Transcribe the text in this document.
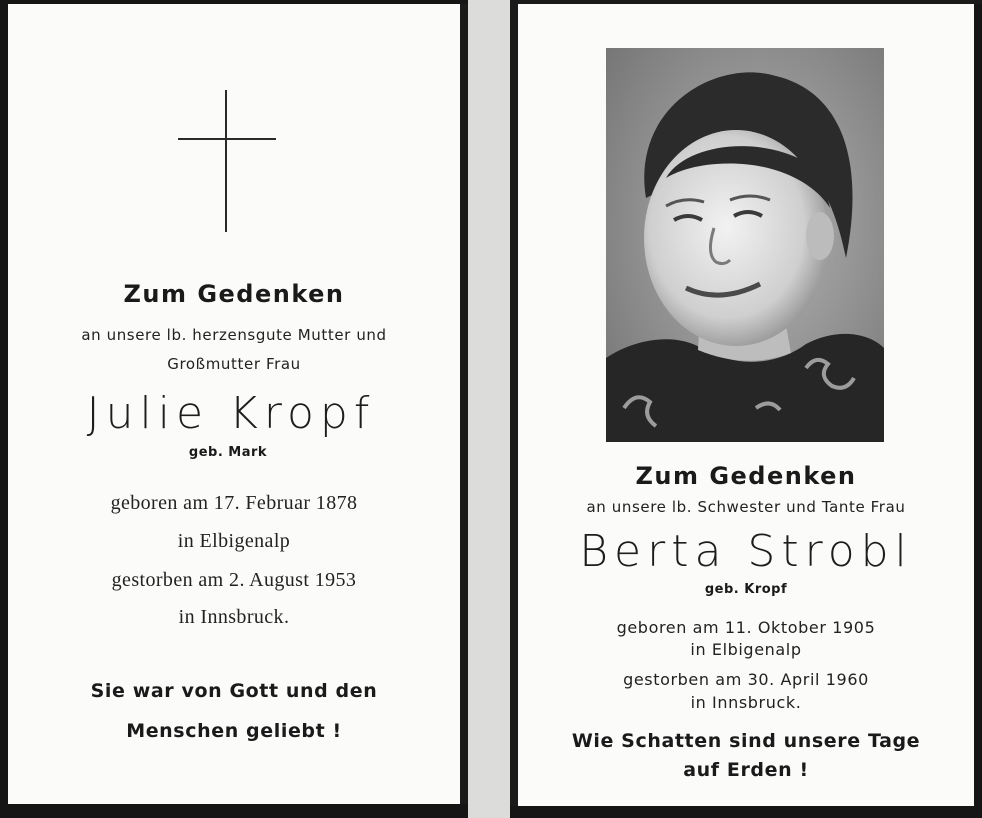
Zum Gedenken
an unsere lb. herzensgute Mutter und
Großmutter Frau
Julie Kropf
geb. Mark
geboren am 17. Februar 1878
in Elbigenalp
gestorben am 2. August 1953
in Innsbruck.
Sie war von Gott und den
Menschen geliebt !
Zum Gedenken
an unsere lb. Schwester und Tante Frau
Berta Strobl
geb. Kropf
geboren am 11. Oktober 1905
in Elbigenalp
gestorben am 30. April 1960
in Innsbruck.
Wie Schatten sind unsere Tage
auf Erden !
